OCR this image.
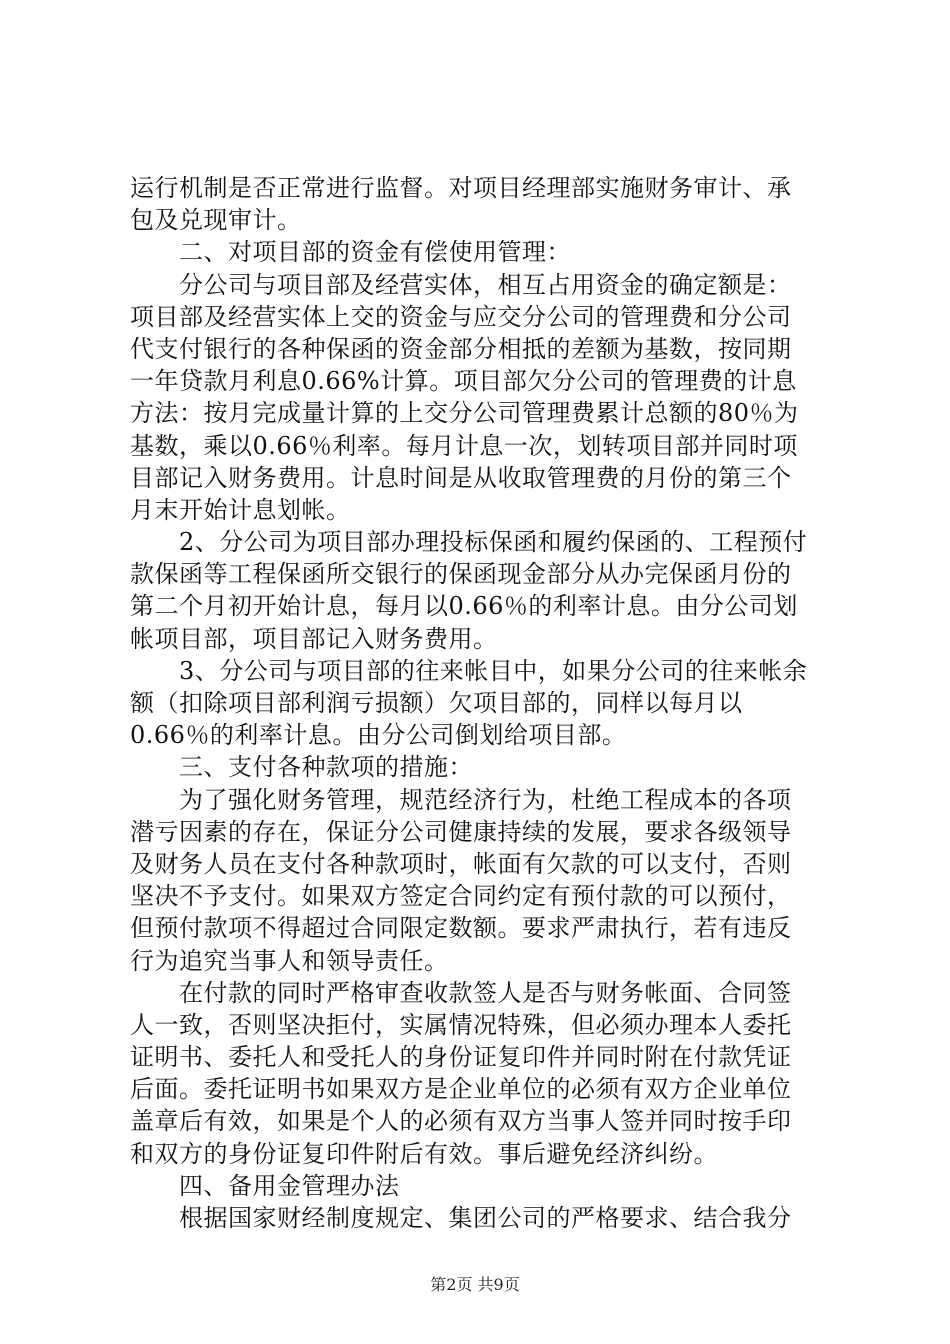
运行机制是否正常进行监督。对项目经理部实施财务审计、承
包及兑现审计。
　　二、对项目部的资金有偿使用管理：
　　分公司与项目部及经营实体，相互占用资金的确定额是：
项目部及经营实体上交的资金与应交分公司的管理费和分公司
代支付银行的各种保函的资金部分相抵的差额为基数，按同期
一年贷款月利息0.66%计算。项目部欠分公司的管理费的计息
方法：按月完成量计算的上交分公司管理费累计总额的80％为
基数，乘以0.66％利率。每月计息一次，划转项目部并同时项
目部记入财务费用。计息时间是从收取管理费的月份的第三个
月末开始计息划帐。
　　2、分公司为项目部办理投标保函和履约保函的、工程预付
款保函等工程保函所交银行的保函现金部分从办完保函月份的
第二个月初开始计息，每月以0.66％的利率计息。由分公司划
帐项目部，项目部记入财务费用。
　　3、分公司与项目部的往来帐目中，如果分公司的往来帐余
额（扣除项目部利润亏损额）欠项目部的，同样以每月以
0.66％的利率计息。由分公司倒划给项目部。
　　三、支付各种款项的措施：
　　为了强化财务管理，规范经济行为，杜绝工程成本的各项
潜亏因素的存在，保证分公司健康持续的发展，要求各级领导
及财务人员在支付各种款项时，帐面有欠款的可以支付，否则
坚决不予支付。如果双方签定合同约定有预付款的可以预付，
但预付款项不得超过合同限定数额。要求严肃执行，若有违反
行为追究当事人和领导责任。
　　在付款的同时严格审查收款签人是否与财务帐面、合同签
人一致，否则坚决拒付，实属情况特殊，但必须办理本人委托
证明书、委托人和受托人的身份证复印件并同时附在付款凭证
后面。委托证明书如果双方是企业单位的必须有双方企业单位
盖章后有效，如果是个人的必须有双方当事人签并同时按手印
和双方的身份证复印件附后有效。事后避免经济纠纷。
　　四、备用金管理办法
　　根据国家财经制度规定、集团公司的严格要求、结合我分
第2页 共9页
